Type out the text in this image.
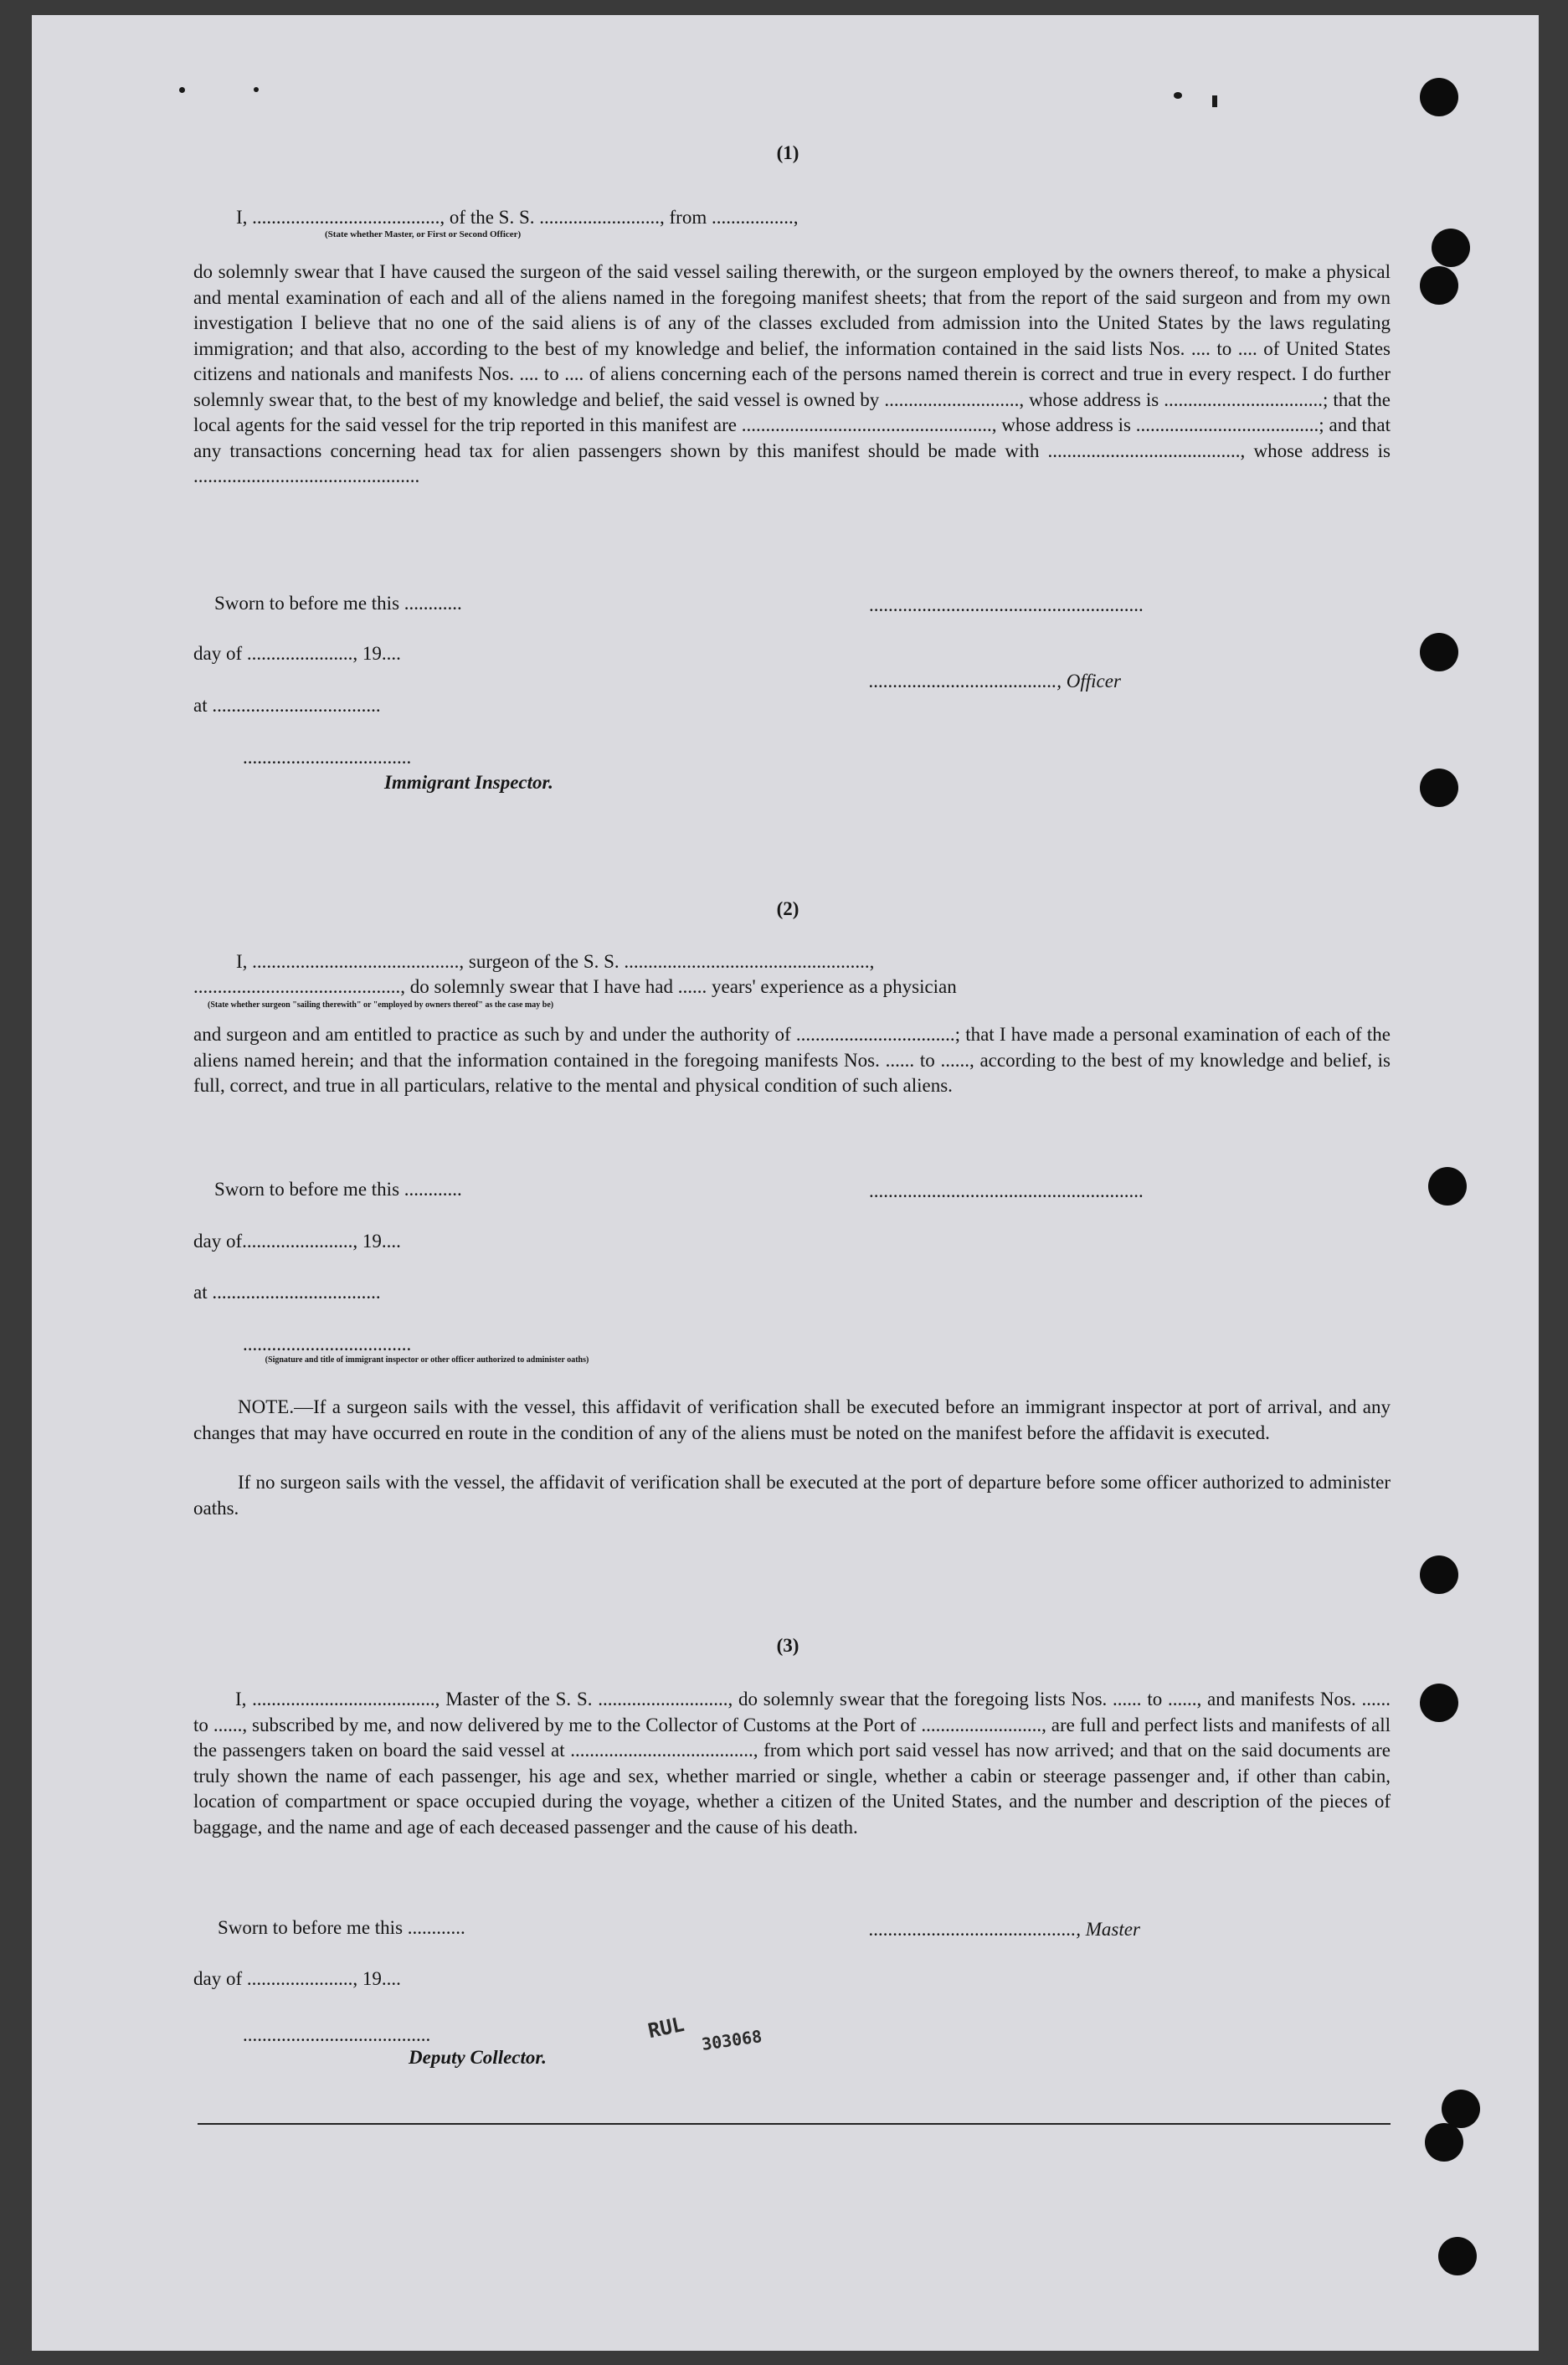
(1)
I, ......................................., of the S. S. ........................., from .................,
(State whether Master, or First or Second Officer)
do solemnly swear that I have caused the surgeon of the said vessel sailing therewith, or the surgeon employed by the owners thereof, to make a physical and mental examination of each and all of the aliens named in the foregoing manifest sheets; that from the report of the said surgeon and from my own investigation I believe that no one of the said aliens is of any of the classes excluded from admission into the United States by the laws regulating immigration; and that also, according to the best of my knowledge and belief, the information contained in the said lists Nos. .... to .... of United States citizens and nationals and manifests Nos. .... to .... of aliens concerning each of the persons named therein is correct and true in every respect. I do further solemnly swear that, to the best of my knowledge and belief, the said vessel is owned by ............................, whose address is .................................; that the local agents for the said vessel for the trip reported in this manifest are ...................................................., whose address is ......................................; and that any transactions concerning head tax for alien passengers shown by this manifest should be made with ........................................, whose address is ...............................................
Sworn to before me this ............	.........................................................
day of ......................, 19....
......................................., Officer
at ...................................
...................................
Immigrant Inspector.
(2)
I, ..........................................., surgeon of the S. S. ...................................................,
..........................................., do solemnly swear that I have had ...... years' experience as a physician
(State whether surgeon "sailing therewith" or "employed by owners thereof" as the case may be)
and surgeon and am entitled to practice as such by and under the authority of .................................; that I have made a personal examination of each of the aliens named herein; and that the information contained in the foregoing manifests Nos. ...... to ......, according to the best of my knowledge and belief, is full, correct, and true in all particulars, relative to the mental and physical condition of such aliens.
Sworn to before me this ............	.........................................................
day of......................., 19....
at ...................................
...................................
(Signature and title of immigrant inspector or other officer authorized to administer oaths)
NOTE.—If a surgeon sails with the vessel, this affidavit of verification shall be executed before an immigrant inspector at port of arrival, and any changes that may have occurred en route in the condition of any of the aliens must be noted on the manifest before the affidavit is executed.
If no surgeon sails with the vessel, the affidavit of verification shall be executed at the port of departure before some officer authorized to administer oaths.
(3)
I, ......................................, Master of the S. S. ..........................., do solemnly swear that the foregoing lists Nos. ...... to ......, and manifests Nos. ...... to ......, subscribed by me, and now delivered by me to the Collector of Customs at the Port of ........................., are full and perfect lists and manifests of all the passengers taken on board the said vessel at ......................................, from which port said vessel has now arrived; and that on the said documents are truly shown the name of each passenger, his age and sex, whether married or single, whether a cabin or steerage passenger and, if other than cabin, location of compartment or space occupied during the voyage, whether a citizen of the United States, and the number and description of the pieces of baggage, and the name and age of each deceased passenger and the cause of his death.
Sworn to before me this ............	..........................................., Master
day of ......................, 19....
.......................................
Deputy Collector.
RUL 303068
